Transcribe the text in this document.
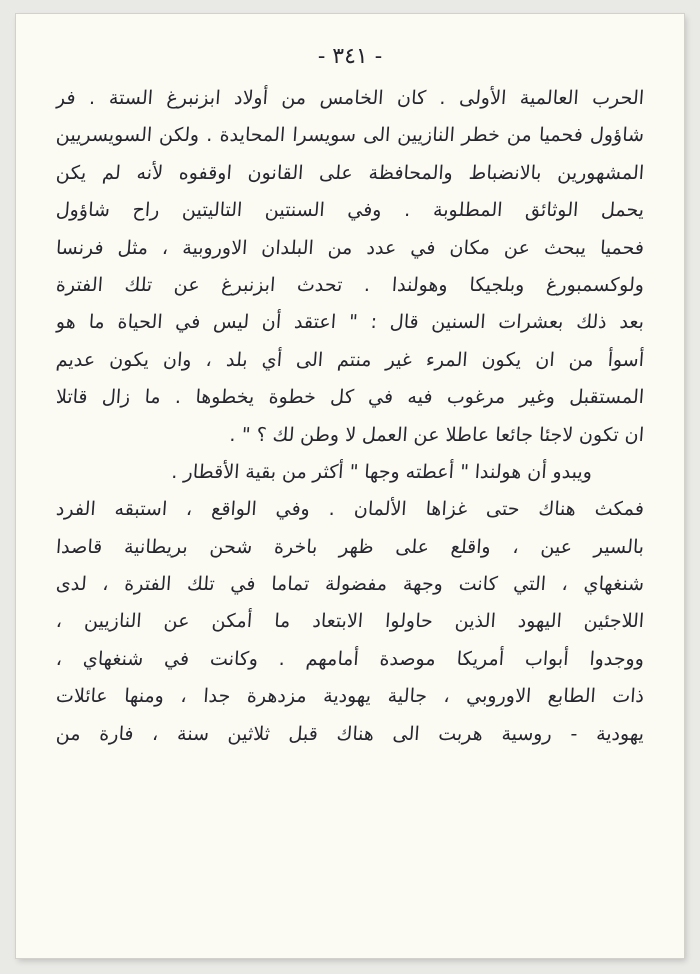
- ٣٤١ -
الحرب العالمية الأولى . كان الخامس من أولاد ابزنبرغ الستة . فر
شاؤول فحميا من خطر النازيين الى سويسرا المحايدة . ولكن السويسريين
المشهورين بالانضباط والمحافظة على القانون اوقفوه لأنه لم يكن
يحمل الوثائق المطلوبة . وفي السنتين التاليتين راح شاؤول
فحميا يبحث عن مكان في عدد من البلدان الاوروبية ، مثل فرنسا
ولوكسمبورغ وبلجيكا وهولندا . تحدث ابزنبرغ عن تلك الفترة
بعد ذلك بعشرات السنين قال : " اعتقد أن ليس في الحياة ما هو
أسوأ من ان يكون المرء غير منتم الى أي بلد ، وان يكون عديم
المستقبل وغير مرغوب فيه في كل خطوة يخطوها . ما زال قاتلا
ان تكون لاجئا جائعا عاطلا عن العمل لا وطن لك ؟ " .
ويبدو أن هولندا " أعطته وجها " أكثر من بقية الأقطار .
فمكث هناك حتى غزاها الألمان . وفي الواقع ، استبقه الفرد
بالسير عين ، واقلع على ظهر باخرة شحن بريطانية قاصدا
شنغهاي ، التي كانت وجهة مفضولة تماما في تلك الفترة ، لدى
اللاجئين اليهود الذين حاولوا الابتعاد ما أمكن عن النازيين ،
ووجدوا أبواب أمريكا موصدة أمامهم . وكانت في شنغهاي ،
ذات الطابع الاوروبي ، جالية يهودية مزدهرة جدا ، ومنها عائلات
يهودية - روسية هربت الى هناك قبل ثلاثين سنة ، فارة من
